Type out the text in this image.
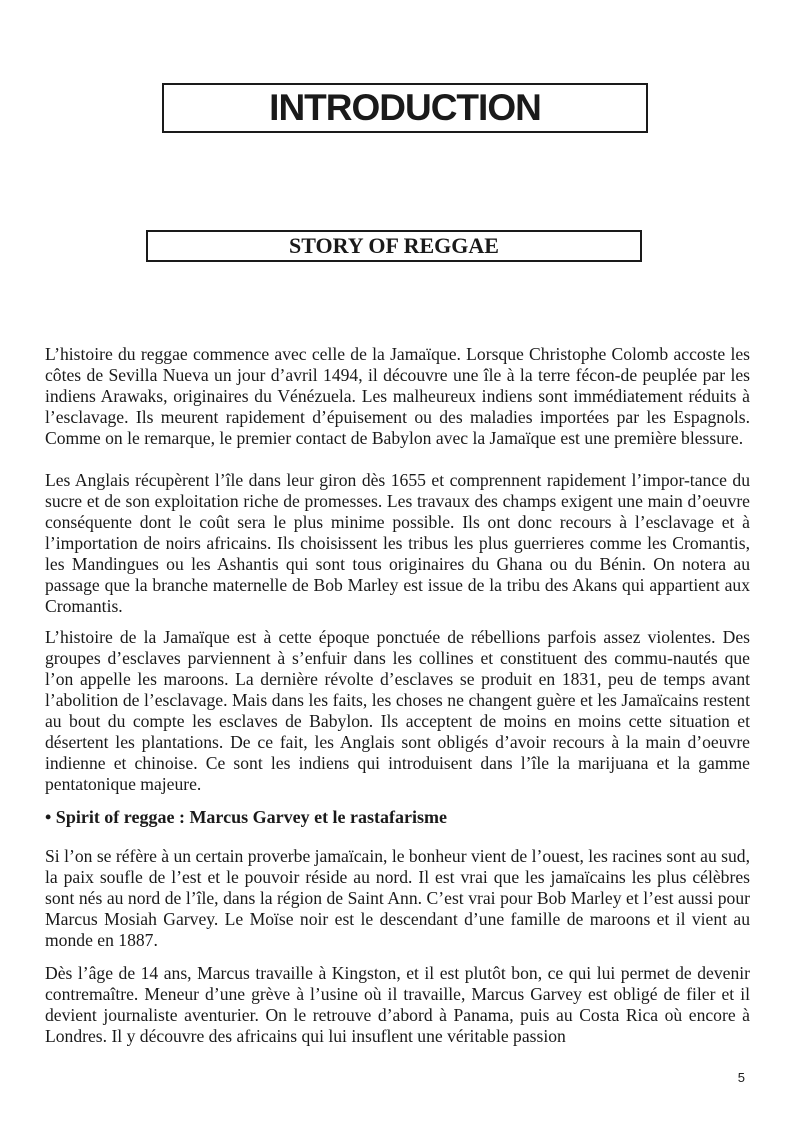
INTRODUCTION
STORY OF REGGAE

L’histoire du reggae commence avec celle de la Jamaïque. Lorsque Christophe Colomb accoste les côtes de Sevilla Nueva un jour d’avril 1494, il découvre une île à la terre fécon-de peuplée par les indiens Arawaks, originaires du Vénézuela. Les malheureux indiens sont immédiatement réduits à l’esclavage. Ils meurent rapidement d’épuisement ou des maladies importées par les Espagnols. Comme on le remarque, le premier contact de Babylon avec la Jamaïque est une première blessure.

Les Anglais récupèrent l’île dans leur giron dès 1655 et comprennent rapidement l’impor-tance du sucre et de son exploitation riche de promesses. Les travaux des champs exigent une main d’oeuvre conséquente dont le coût sera le plus minime possible. Ils ont donc recours à l’esclavage et à l’importation de noirs africains. Ils choisissent les tribus les plus guerrieres comme les Cromantis, les Mandingues ou les Ashantis qui sont tous originaires du Ghana ou du Bénin. On notera au passage que la branche maternelle de Bob Marley est issue de la tribu des Akans qui appartient aux Cromantis.

L’histoire de la Jamaïque est à cette époque ponctuée de rébellions parfois assez violentes. Des groupes d’esclaves parviennent à s’enfuir dans les collines et constituent des commu-nautés que l’on appelle les maroons. La dernière révolte d’esclaves se produit en 1831, peu de temps avant l’abolition de l’esclavage. Mais dans les faits, les choses ne changent guère et les Jamaïcains restent au bout du compte les esclaves de Babylon. Ils acceptent de moins en moins cette situation et désertent les plantations. De ce fait, les Anglais sont obligés d’avoir recours à la main d’oeuvre indienne et chinoise. Ce sont les indiens qui introduisent dans l’île la marijuana et la gamme pentatonique majeure.

• Spirit of reggae : Marcus Garvey et le rastafarisme

Si l’on se réfère à un certain proverbe jamaïcain, le bonheur vient de l’ouest, les racines sont au sud, la paix soufle de l’est et le pouvoir réside au nord. Il est vrai que les jamaïcains les plus célèbres sont nés au nord de l’île, dans la région de Saint Ann. C’est vrai pour Bob Marley et l’est aussi pour Marcus Mosiah Garvey. Le Moïse noir est le descendant d’une famille de maroons et il vient au monde en 1887.

Dès l’âge de 14 ans, Marcus travaille à Kingston, et il est plutôt bon, ce qui lui permet de devenir contremaître. Meneur d’une grève à l’usine où il travaille, Marcus Garvey est obligé de filer et il devient journaliste aventurier. On le retrouve d’abord à Panama, puis au Costa Rica où encore à Londres. Il y découvre des africains qui lui insuflent une véritable passion

5
